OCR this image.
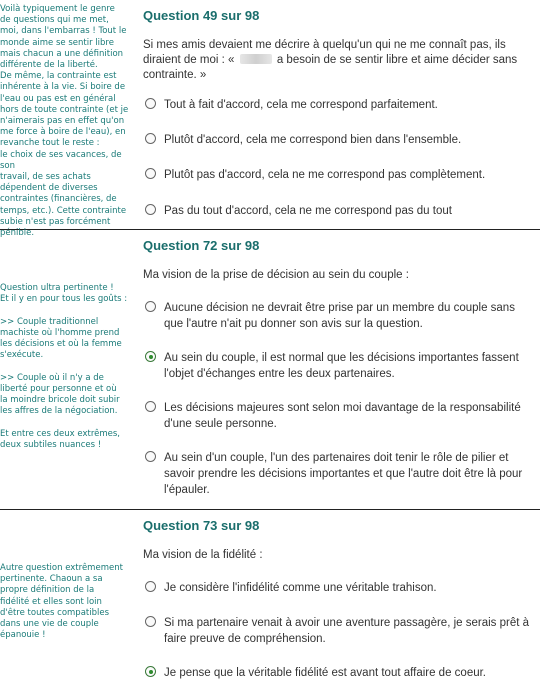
Voilà typiquement le genre
de questions qui me met,
moi, dans l'embarras ! Tout le
monde aime se sentir libre
mais chacun a une définition
différente de la liberté.
De même, la contrainte est
inhérente à la vie. Si boire de
l'eau ou pas est en général
hors de toute contrainte (et je
n'aimerais pas en effet qu'on
me force à boire de l'eau), en
revanche tout le reste :
le choix de ses vacances, de son
travail, de ses achats
dépendent de diverses
contraintes (financières, de
temps, etc.). Cette contrainte
subie n'est pas forcément pénible.
Question 49 sur 98
Si mes amis devaient me décrire à quelqu'un qui ne me connaît pas, ils diraient de moi : «	a besoin de se sentir libre et aime décider sans contrainte. »
Tout à fait d'accord, cela me correspond parfaitement.
Plutôt d'accord, cela me correspond bien dans l'ensemble.
Plutôt pas d'accord, cela ne me correspond pas complètement.
Pas du tout d'accord, cela ne me correspond pas du tout
Question ultra pertinente !
Et il y en pour tous les goûts :

>> Couple traditionnel
machiste où l'homme prend
les décisions et où la femme
s'exécute.

>> Couple où il n'y a de
liberté pour personne et où
la moindre bricole doit subir
les affres de la négociation.

Et entre ces deux extrêmes,
deux subtiles nuances !
Question 72 sur 98
Ma vision de la prise de décision au sein du couple :
Aucune décision ne devrait être prise par un membre du couple sans que l'autre n'ait pu donner son avis sur la question.
Au sein du couple, il est normal que les décisions importantes fassent l'objet d'échanges entre les deux partenaires.
Les décisions majeures sont selon moi davantage de la responsabilité d'une seule personne.
Au sein d'un couple, l'un des partenaires doit tenir le rôle de pilier et savoir prendre les décisions importantes et que l'autre doit être là pour l'épauler.
Autre question extrêmement
pertinente. Chaoun a sa
propre définition de la
fidélité et elles sont loin
d'être toutes compatibles
dans une vie de couple
épanouie !
Question 73 sur 98
Ma vision de la fidélité :
Je considère l'infidélité comme une véritable trahison.
Si ma partenaire venait à avoir une aventure passagère, je serais prêt à faire preuve de compréhension.
Je pense que la véritable fidélité est avant tout affaire de coeur.
